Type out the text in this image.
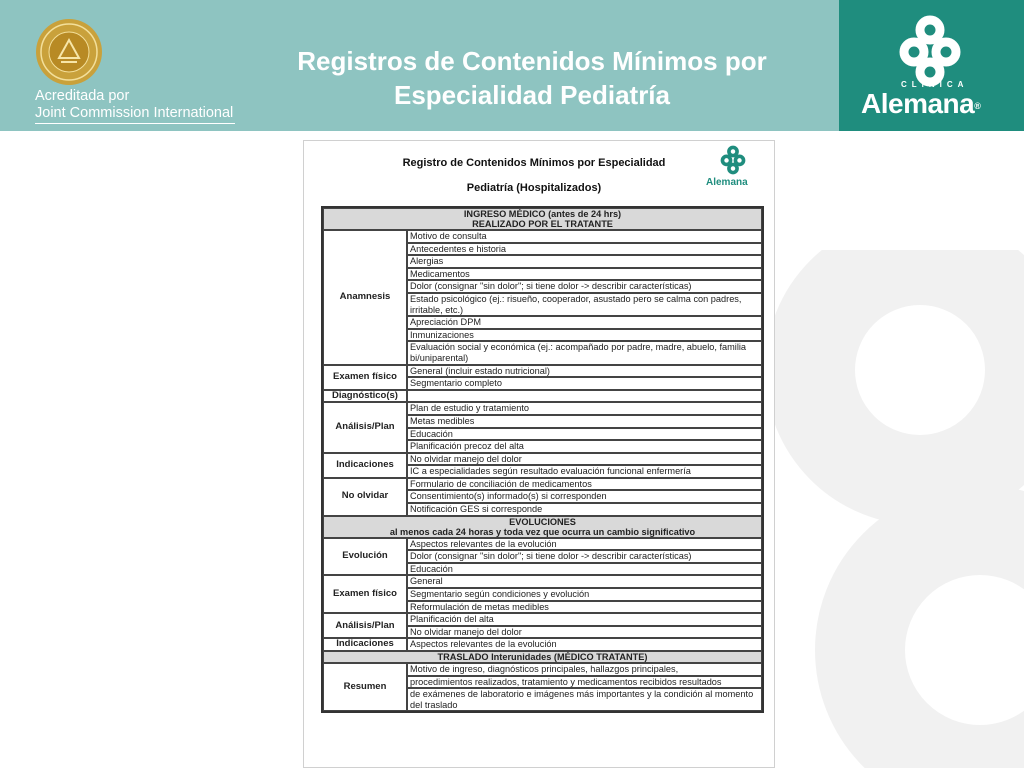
Acreditada por
Joint Commission International
Registros de Contenidos Mínimos por
Especialidad Pediatría	CLINICA
Alemana®
Registro de Contenidos Mínimos por Especialidad
Pediatría (Hospitalizados)	Alemana
INGRESO MÉDICO (antes de 24 hrs)
REALIZADO POR EL TRATANTE	

Anamnesis	Motivo de consulta
	Antecedentes e historia
	Alergias
	Medicamentos
	Dolor (consignar "sin dolor"; si tiene dolor -> describir características)
	Estado psicológico (ej.: risueño, cooperador, asustado pero se calma con padres, irritable, etc.)
	Apreciación DPM
	Inmunizaciones
	Evaluación social y económica (ej.: acompañado por padre, madre, abuelo, familia bi/uniparental)
Examen físico	General (incluir estado nutricional)
	Segmentario completo
Diagnóstico(s)	
Análisis/Plan	Plan de estudio y tratamiento
	Metas medibles
	Educación
	Planificación precoz del alta
Indicaciones	No olvidar manejo del dolor
	IC a especialidades según resultado evaluación funcional enfermería
No olvidar	Formulario de conciliación de medicamentos
	Consentimiento(s) informado(s) si corresponden
	Notificación GES si corresponde

EVOLUCIONES
al menos cada 24 horas y toda vez que ocurra un cambio significativo	

Evolución	Aspectos relevantes de la evolución
	Dolor (consignar "sin dolor"; si tiene dolor -> describir características)
	Educación
Examen físico	General
	Segmentario según condiciones y evolución
	Reformulación de metas medibles
Análisis/Plan	Planificación del alta
	No olvidar manejo del dolor
Indicaciones	Aspectos relevantes de la evolución

TRASLADO Interunidades (MÉDICO TRATANTE)	

Resumen	Motivo de ingreso, diagnósticos principales, hallazgos principales,
	procedimientos realizados, tratamiento y medicamentos recibidos resultados
	de exámenes de laboratorio e imágenes más importantes y la condición al momento del traslado
